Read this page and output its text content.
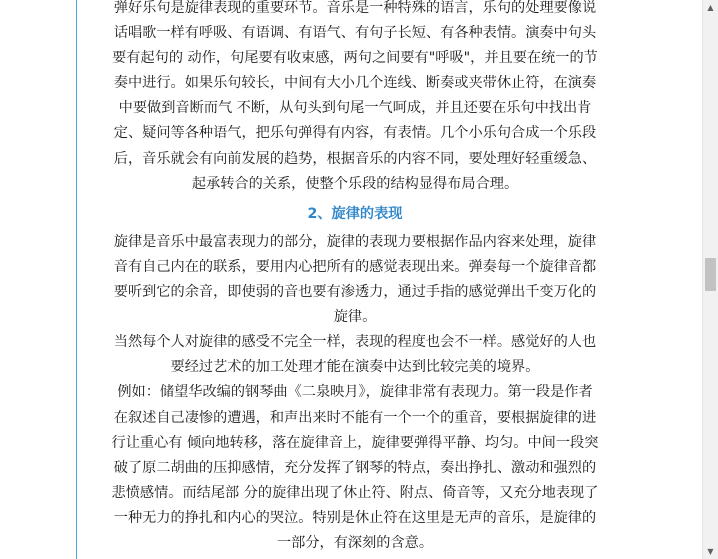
弹好乐句是旋律表现的重要环节。音乐是一种特殊的语言，乐句的处理要像说

话唱歌一样有呼吸、有语调、有语气、有句子长短、有各种表情。演奏中句头

要有起句的 动作，句尾要有收束感，两句之间要有"呼吸"，并且要在统一的节

奏中进行。如果乐句较长，中间有大小几个连线、断奏或夹带休止符，在演奏

中要做到音断而气 不断，从句头到句尾一气呵成，并且还要在乐句中找出肯

定、疑问等各种语气，把乐句弹得有内容，有表情。几个小乐句合成一个乐段

后，音乐就会有向前发展的趋势，根据音乐的内容不同，要处理好轻重缓急、

起承转合的关系，使整个乐段的结构显得布局合理。

2、旋律的表现

旋律是音乐中最富表现力的部分，旋律的表现力要根据作品内容来处理，旋律

音有自己内在的联系，要用内心把所有的感觉表现出来。弹奏每一个旋律音都

要听到它的余音，即使弱的音也要有渗透力，通过手指的感觉弹出千变万化的

旋律。

当然每个人对旋律的感受不完全一样，表现的程度也会不一样。感觉好的人也

要经过艺术的加工处理才能在演奏中达到比较完美的境界。

例如：储望华改编的钢琴曲《二泉映月》，旋律非常有表现力。第一段是作者

在叙述自己凄惨的遭遇，和声出来时不能有一个一个的重音，要根据旋律的进

行让重心有 倾向地转移，落在旋律音上，旋律要弹得平静、均匀。中间一段突

破了原二胡曲的压抑感情，充分发挥了钢琴的特点，奏出挣扎、激动和强烈的

悲愤感情。而结尾部 分的旋律出现了休止符、附点、倚音等，又充分地表现了

一种无力的挣扎和内心的哭泣。特别是休止符在这里是无声的音乐，是旋律的

一部分，有深刻的含意。

▲
▼
